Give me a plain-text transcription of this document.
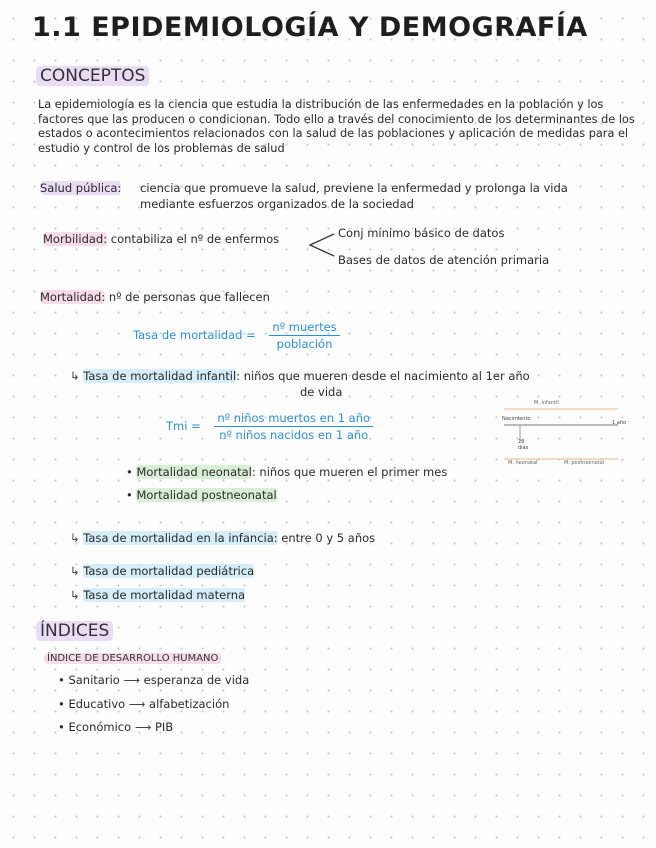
1.1 EPIDEMIOLOGÍA Y DEMOGRAFÍA
CONCEPTOS
La epidemiología es la ciencia que estudia la distribución de las enfermedades en la población y los factores que las producen o condicionan. Todo ello a través del conocimiento de los determinantes de los estados o acontecimientos relacionados con la salud de las poblaciones y aplicación de medidas para el estudio y control de los problemas de salud
Salud pública: ciencia que promueve la salud, previene la enfermedad y prolonga la vida
mediante esfuerzos organizados de la sociedad
Morbilidad: contabiliza el nº de enfermos	Conj mínimo básico de datos
Bases de datos de atención primaria
Mortalidad: nº de personas que fallecen
Tasa de mortalidad = $\frac{\text{nº muertes}}{\text{población}}$
↳ Tasa de mortalidad infantil: niños que mueren desde el nacimiento al 1er año
de vida
Tmi = $\frac{\text{nº niños muertos en 1 año}}{\text{nº niños nacidos en 1 año}}$
M. infantil
Nacimiento
1 año
28 días
M. neonatal	M. postneonatal
• Mortalidad neonatal: niños que mueren el primer mes
• Mortalidad postneonatal
↳ Tasa de mortalidad en la infancia: entre 0 y 5 años
↳ Tasa de mortalidad pediátrica
↳ Tasa de mortalidad materna
ÍNDICES
ÍNDICE DE DESARROLLO HUMANO
• Sanitario ⟶ esperanza de vida
• Educativo ⟶ alfabetización
• Económico ⟶ PIB
